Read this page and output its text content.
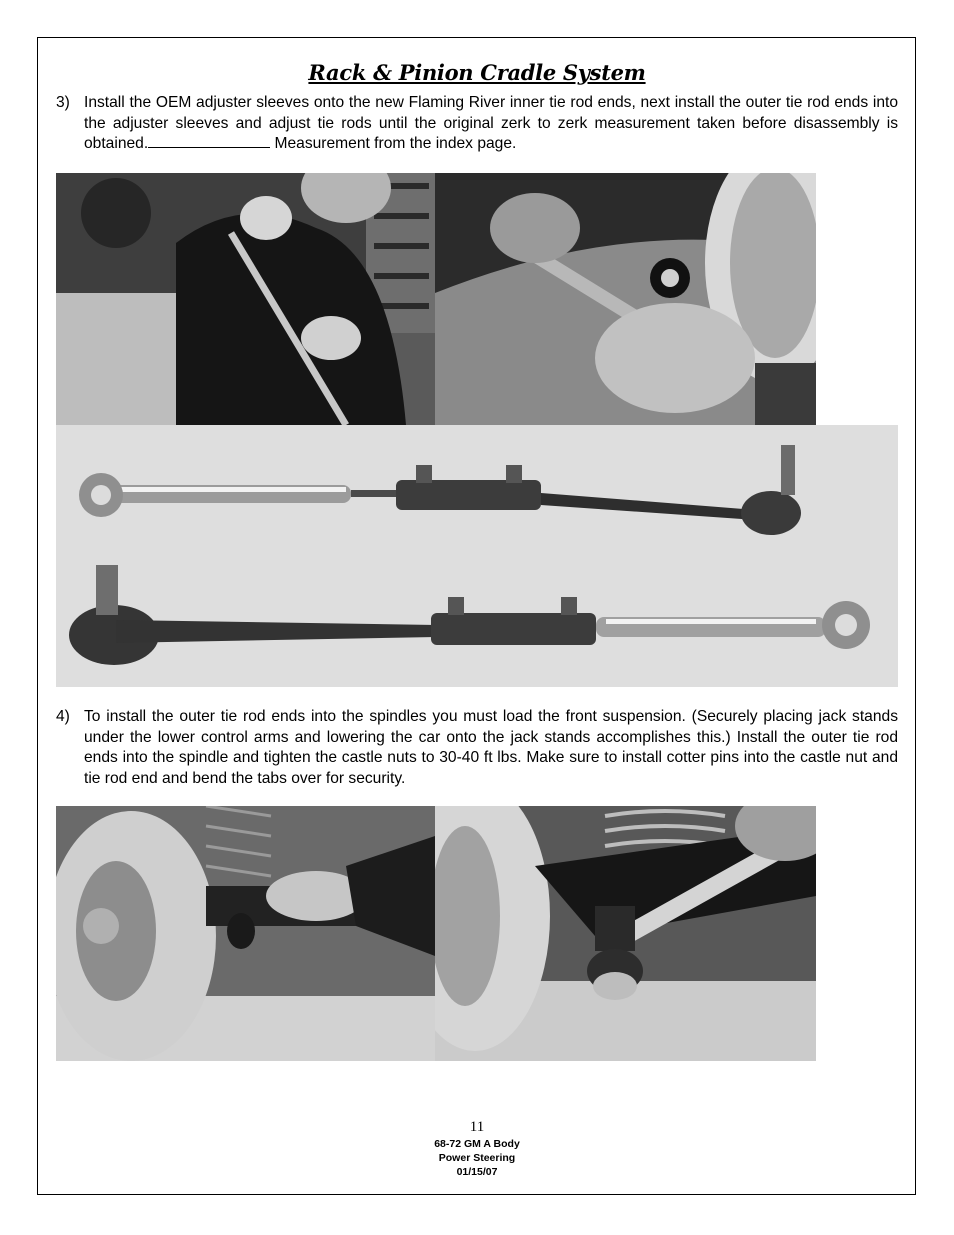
Rack & Pinion Cradle System
3) Install the OEM adjuster sleeves onto the new Flaming River inner tie rod ends, next install the outer tie rod ends into the adjuster sleeves and adjust tie rods until the original zerk to zerk measurement taken before disassembly is obtained.	Measurement from the index page.
4) To install the outer tie rod ends into the spindles you must load the front suspension. (Securely placing jack stands under the lower control arms and lowering the car onto the jack stands accomplishes this.) Install the outer tie rod ends into the spindle and tighten the castle nuts to 30-40 ft lbs. Make sure to install cotter pins into the castle nut and tie rod end and bend the tabs over for security.
11
68-72 GM A Body
Power Steering
01/15/07
